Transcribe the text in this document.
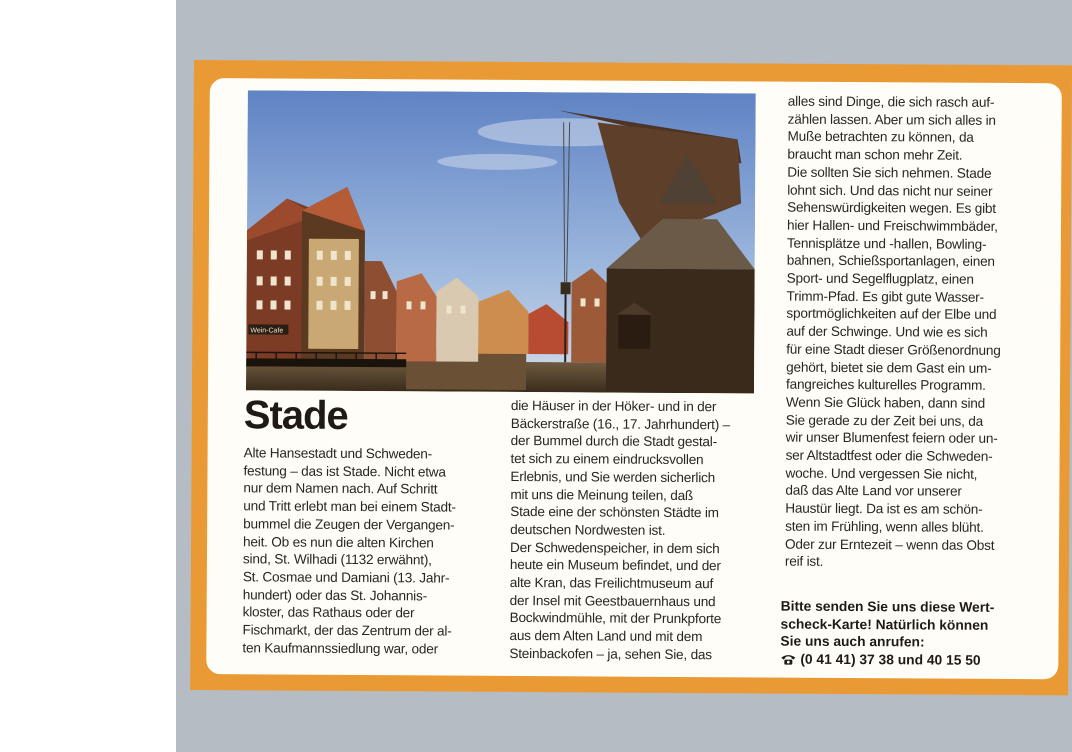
Wein-Cafe
Stade
Alte Hansestadt und Schweden-
festung – das ist Stade. Nicht etwa
nur dem Namen nach. Auf Schritt
und Tritt erlebt man bei einem Stadt-
bummel die Zeugen der Vergangen-
heit. Ob es nun die alten Kirchen
sind, St. Wilhadi (1132 erwähnt),
St. Cosmae und Damiani (13. Jahr-
hundert) oder das St. Johannis-
kloster, das Rathaus oder der
Fischmarkt, der das Zentrum der al-
ten Kaufmannssiedlung war, oder
die Häuser in der Höker- und in der
Bäckerstraße (16., 17. Jahrhundert) –
der Bummel durch die Stadt gestal-
tet sich zu einem eindrucksvollen
Erlebnis, und Sie werden sicherlich
mit uns die Meinung teilen, daß
Stade eine der schönsten Städte im
deutschen Nordwesten ist.
Der Schwedenspeicher, in dem sich
heute ein Museum befindet, und der
alte Kran, das Freilichtmuseum auf
der Insel mit Geestbauernhaus und
Bockwindmühle, mit der Prunkpforte
aus dem Alten Land und mit dem
Steinbackofen – ja, sehen Sie, das
alles sind Dinge, die sich rasch auf-
zählen lassen. Aber um sich alles in
Muße betrachten zu können, da
braucht man schon mehr Zeit.
Die sollten Sie sich nehmen. Stade
lohnt sich. Und das nicht nur seiner
Sehenswürdigkeiten wegen. Es gibt
hier Hallen- und Freischwimmbäder,
Tennisplätze und -hallen, Bowling-
bahnen, Schießsportanlagen, einen
Sport- und Segelflugplatz, einen
Trimm-Pfad. Es gibt gute Wasser-
sportmöglichkeiten auf der Elbe und
auf der Schwinge. Und wie es sich
für eine Stadt dieser Größenordnung
gehört, bietet sie dem Gast ein um-
fangreiches kulturelles Programm.
Wenn Sie Glück haben, dann sind
Sie gerade zu der Zeit bei uns, da
wir unser Blumenfest feiern oder un-
ser Altstadtfest oder die Schweden-
woche. Und vergessen Sie nicht,
daß das Alte Land vor unserer
Haustür liegt. Da ist es am schön-
sten im Frühling, wenn alles blüht.
Oder zur Erntezeit – wenn das Obst
reif ist.
Bitte senden Sie uns diese Wert-
scheck-Karte! Natürlich können
Sie uns auch anrufen:
(0 41 41) 37 38 und 40 15 50
